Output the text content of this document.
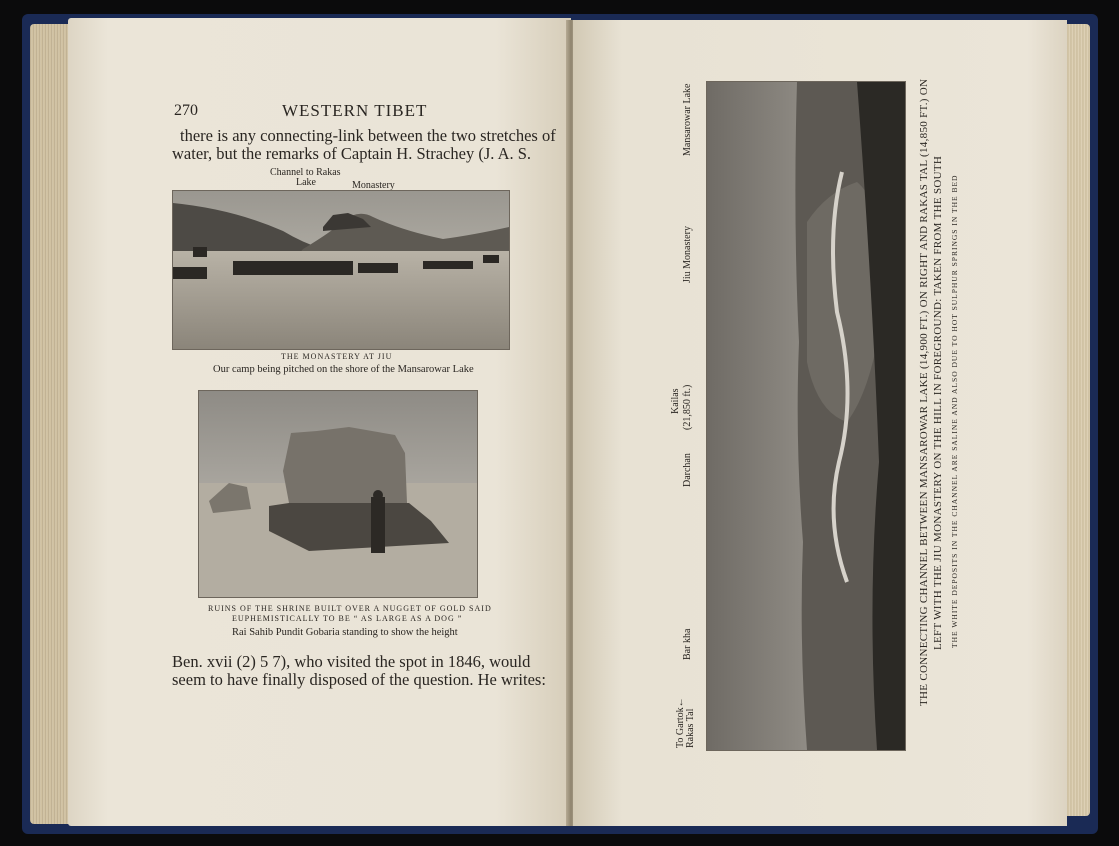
270	WESTERN TIBET
there is any connecting-link between the two stretches of
water, but the remarks of Captain H. Strachey (J. A. S.
Channel to Rakas
Lake	Monastery
THE MONASTERY AT JIU
Our camp being pitched on the shore of the Mansarowar Lake
RUINS OF THE SHRINE BUILT OVER A NUGGET OF GOLD SAID
EUPHEMISTICALLY TO BE “ AS LARGE AS A DOG ”
Rai Sahib Pundit Gobaria standing to show the height
Ben. xvii (2) 5 7), who visited the spot in 1846, would
seem to have finally disposed of the question. He writes:
To Gartok← Rakas Tal
Bar kha
Darchan
Kailas (21,850 ft.)
Jiu Monastery
Mansarowar Lake	THE CONNECTING CHANNEL BETWEEN MANSAROWAR LAKE (14,900 FT.) ON RIGHT AND RAKAS TAL (14,850 FT.) ON LEFT WITH THE JIU MONASTERY ON THE HILL IN FOREGROUND: TAKEN FROM THE SOUTH THE WHITE DEPOSITS IN THE CHANNEL ARE SALINE AND ALSO DUE TO HOT SULPHUR SPRINGS IN THE BED
